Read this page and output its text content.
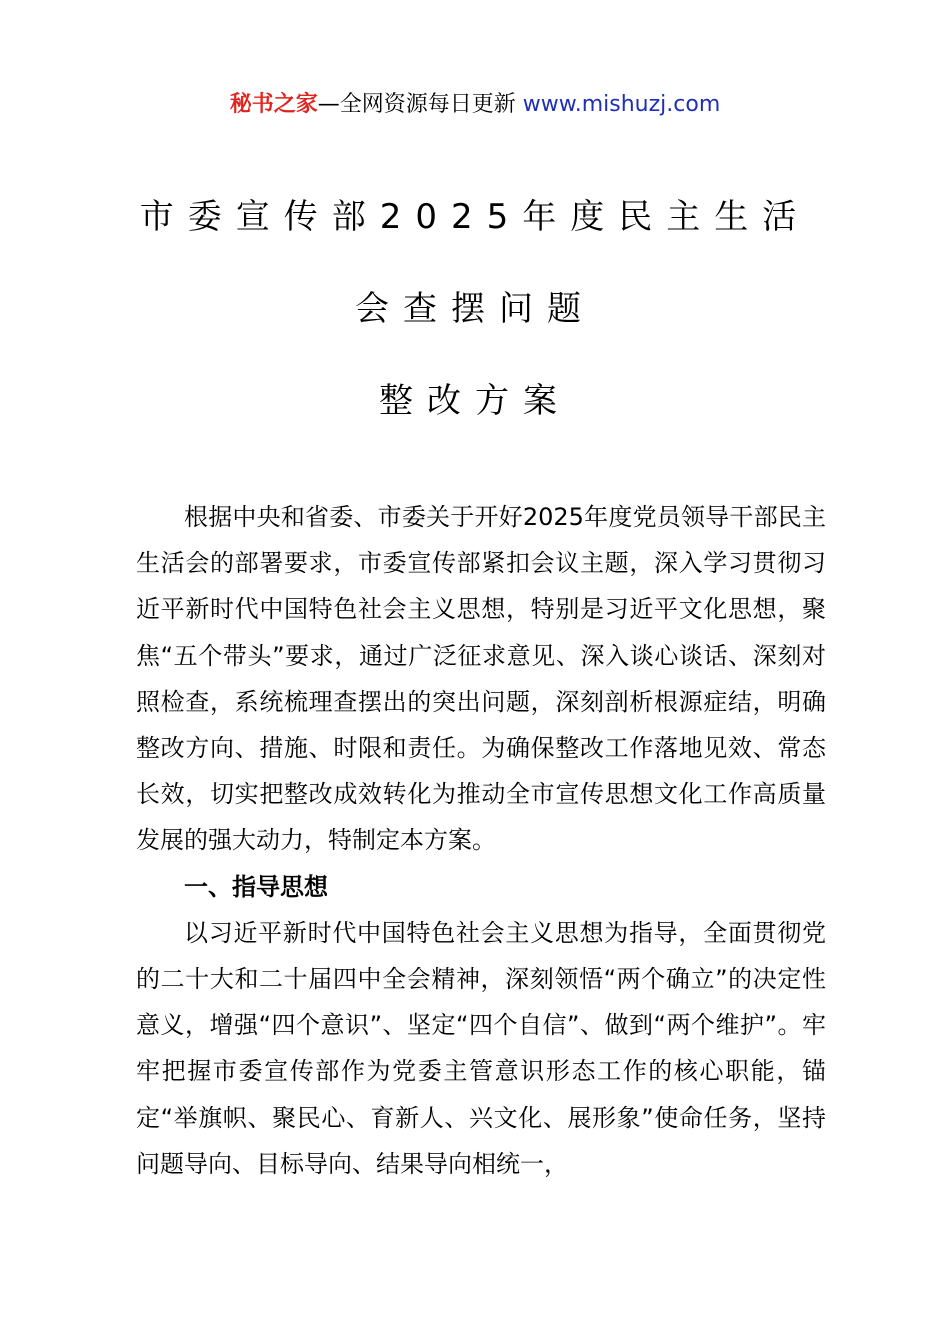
秘书之家—全网资源每日更新 www.mishuzj.com
市委宣传部2025年度民主生活
会查摆问题
整改方案

根据中央和省委、市委关于开好2025年度党员领导干部民主生活会的部署要求，市委宣传部紧扣会议主题，深入学习贯彻习近平新时代中国特色社会主义思想，特别是习近平文化思想，聚焦“五个带头”要求，通过广泛征求意见、深入谈心谈话、深刻对照检查，系统梳理查摆出的突出问题，深刻剖析根源症结，明确整改方向、措施、时限和责任。为确保整改工作落地见效、常态长效，切实把整改成效转化为推动全市宣传思想文化工作高质量发展的强大动力，特制定本方案。

一、指导思想

以习近平新时代中国特色社会主义思想为指导，全面贯彻党的二十大和二十届四中全会精神，深刻领悟“两个确立”的决定性意义，增强“四个意识”、坚定“四个自信”、做到“两个维护”。牢牢把握市委宣传部作为党委主管意识形态工作的核心职能，锚定“举旗帜、聚民心、育新人、兴文化、展形象”使命任务，坚持问题导向、目标导向、结果导向相统一，
